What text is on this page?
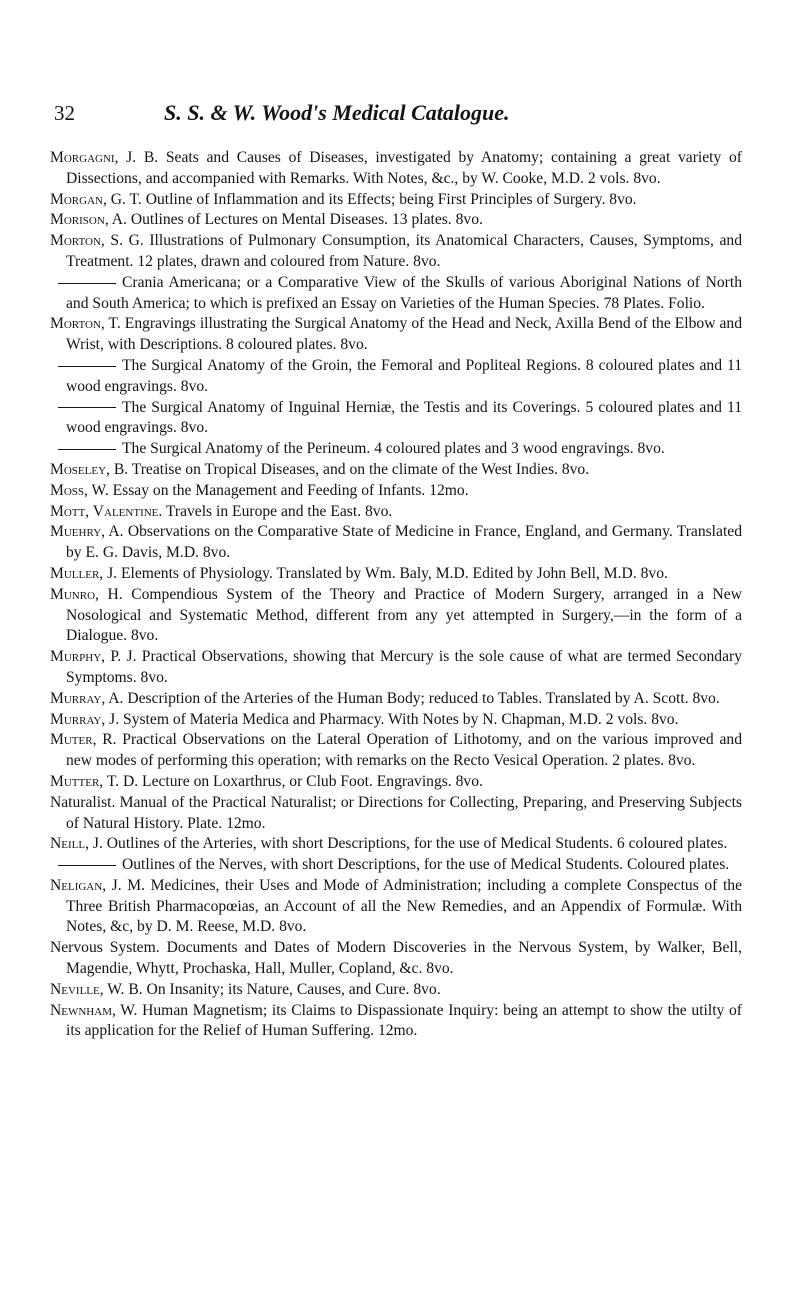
32	S. S. & W. Wood's Medical Catalogue.

Morgagni, J. B. Seats and Causes of Diseases, investigated by Anatomy; containing a great variety of Dissections, and accompanied with Remarks. With Notes, &c., by W. Cooke, M.D. 2 vols. 8vo.

Morgan, G. T. Outline of Inflammation and its Effects; being First Principles of Surgery. 8vo.

Morison, A. Outlines of Lectures on Mental Diseases. 13 plates. 8vo.

Morton, S. G. Illustrations of Pulmonary Consumption, its Anatomical Characters, Causes, Symptoms, and Treatment. 12 plates, drawn and coloured from Nature. 8vo.

Crania Americana; or a Comparative View of the Skulls of various Aboriginal Nations of North and South America; to which is prefixed an Essay on Varieties of the Human Species. 78 Plates. Folio.

Morton, T. Engravings illustrating the Surgical Anatomy of the Head and Neck, Axilla Bend of the Elbow and Wrist, with Descriptions. 8 coloured plates. 8vo.

The Surgical Anatomy of the Groin, the Femoral and Popliteal Regions. 8 coloured plates and 11 wood engravings. 8vo.

The Surgical Anatomy of Inguinal Herniæ, the Testis and its Coverings. 5 coloured plates and 11 wood engravings. 8vo.

The Surgical Anatomy of the Perineum. 4 coloured plates and 3 wood engravings. 8vo.

Moseley, B. Treatise on Tropical Diseases, and on the climate of the West Indies. 8vo.

Moss, W. Essay on the Management and Feeding of Infants. 12mo.

Mott, Valentine. Travels in Europe and the East. 8vo.

Muehry, A. Observations on the Comparative State of Medicine in France, England, and Germany. Translated by E. G. Davis, M.D. 8vo.

Muller, J. Elements of Physiology. Translated by Wm. Baly, M.D. Edited by John Bell, M.D. 8vo.

Munro, H. Compendious System of the Theory and Practice of Modern Surgery, arranged in a New Nosological and Systematic Method, different from any yet attempted in Surgery,—in the form of a Dialogue. 8vo.

Murphy, P. J. Practical Observations, showing that Mercury is the sole cause of what are termed Secondary Symptoms. 8vo.

Murray, A. Description of the Arteries of the Human Body; reduced to Tables. Translated by A. Scott. 8vo.

Murray, J. System of Materia Medica and Pharmacy. With Notes by N. Chapman, M.D. 2 vols. 8vo.

Muter, R. Practical Observations on the Lateral Operation of Lithotomy, and on the various improved and new modes of performing this operation; with remarks on the Recto Vesical Operation. 2 plates. 8vo.

Mutter, T. D. Lecture on Loxarthrus, or Club Foot. Engravings. 8vo.

Naturalist. Manual of the Practical Naturalist; or Directions for Collecting, Preparing, and Preserving Subjects of Natural History. Plate. 12mo.

Neill, J. Outlines of the Arteries, with short Descriptions, for the use of Medical Students. 6 coloured plates.

Outlines of the Nerves, with short Descriptions, for the use of Medical Students. Coloured plates.

Neligan, J. M. Medicines, their Uses and Mode of Administration; including a complete Conspectus of the Three British Pharmacopœias, an Account of all the New Remedies, and an Appendix of Formulæ. With Notes, &c, by D. M. Reese, M.D. 8vo.

Nervous System. Documents and Dates of Modern Discoveries in the Nervous System, by Walker, Bell, Magendie, Whytt, Prochaska, Hall, Muller, Copland, &c. 8vo.

Neville, W. B. On Insanity; its Nature, Causes, and Cure. 8vo.

Newnham, W. Human Magnetism; its Claims to Dispassionate Inquiry: being an attempt to show the utilty of its application for the Relief of Human Suffering. 12mo.
